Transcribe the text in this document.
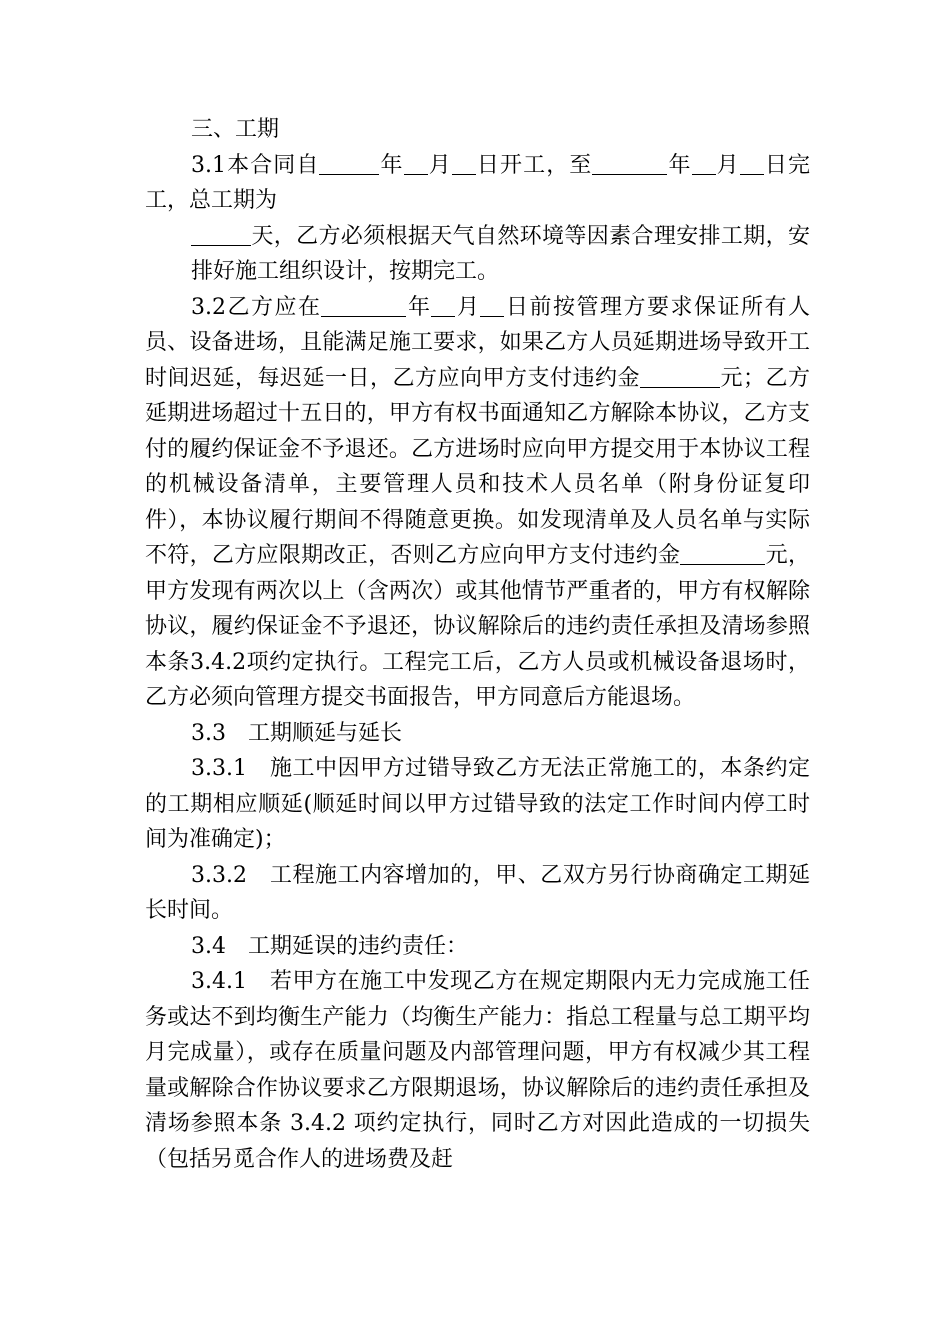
三、工期

3.1本合同自	年 月 日开工，至	年 月 日完工，总工期为

天，乙方必须根据天气自然环境等因素合理安排工期，安排好施工组织设计，按期完工。

3.2乙方应在	年 月 日前按管理方要求保证所有人员、设备进场，且能满足施工要求，如果乙方人员延期进场导致开工时间迟延，每迟延一日，乙方应向甲方支付违约金	元；乙方延期进场超过十五日的，甲方有权书面通知乙方解除本协议，乙方支付的履约保证金不予退还。乙方进场时应向甲方提交用于本协议工程的机械设备清单，主要管理人员和技术人员名单（附身份证复印件），本协议履行期间不得随意更换。如发现清单及人员名单与实际不符，乙方应限期改正，否则乙方应向甲方支付违约金	元，甲方发现有两次以上（含两次）或其他情节严重者的，甲方有权解除协议，履约保证金不予退还，协议解除后的违约责任承担及清场参照本条3.4.2项约定执行。工程完工后，乙方人员或机械设备退场时，乙方必须向管理方提交书面报告，甲方同意后方能退场。

3.3　工期顺延与延长

3.3.1　施工中因甲方过错导致乙方无法正常施工的，本条约定的工期相应顺延(顺延时间以甲方过错导致的法定工作时间内停工时间为准确定)；

3.3.2　工程施工内容增加的，甲、乙双方另行协商确定工期延长时间。

3.4　工期延误的违约责任：

3.4.1　若甲方在施工中发现乙方在规定期限内无力完成施工任务或达不到均衡生产能力（均衡生产能力：指总工程量与总工期平均月完成量），或存在质量问题及内部管理问题，甲方有权减少其工程量或解除合作协议要求乙方限期退场，协议解除后的违约责任承担及清场参照本条 3.4.2 项约定执行，同时乙方对因此造成的一切损失（包括另觅合作人的进场费及赶
